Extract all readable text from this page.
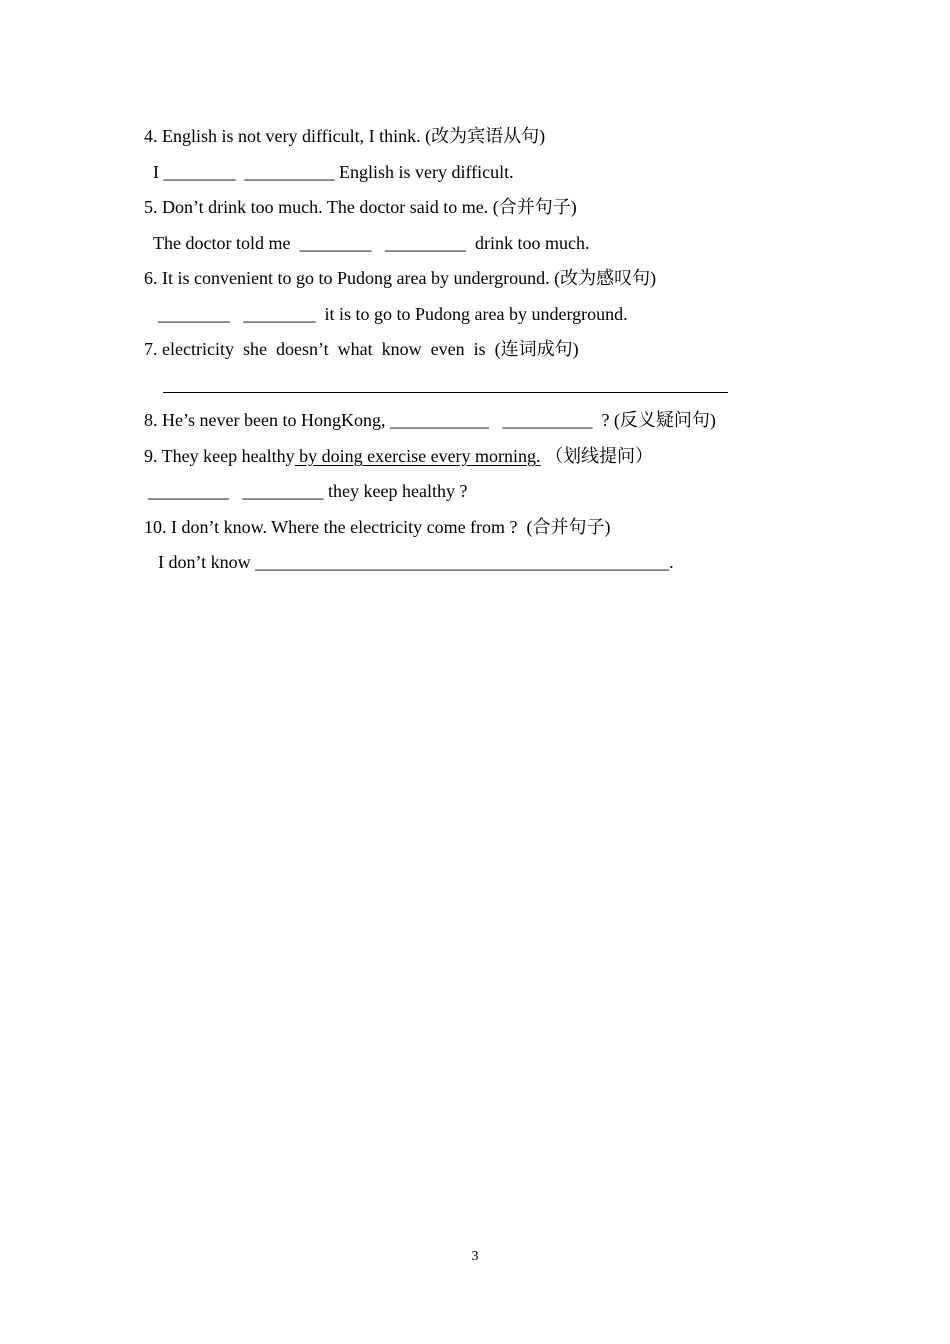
4. English is not very difficult, I think. (改为宾语从句)
I ________  __________ English is very difficult.
5. Don’t drink too much. The doctor said to me. (合并句子)
The doctor told me  ________   _________  drink too much.
6. It is convenient to go to Pudong area by underground. (改为感叹句)
________   ________  it is to go to Pudong area by underground.
7. electricity  she  doesn’t  what  know  even  is  (连词成句)
8. He’s never been to HongKong, ___________   __________  ? (反义疑问句)
9. They keep healthy by doing exercise every morning. （划线提问）
_________   _________ they keep healthy ?
10. I don’t know. Where the electricity come from ?  (合并句子)
I don’t know ______________________________________________.
3
